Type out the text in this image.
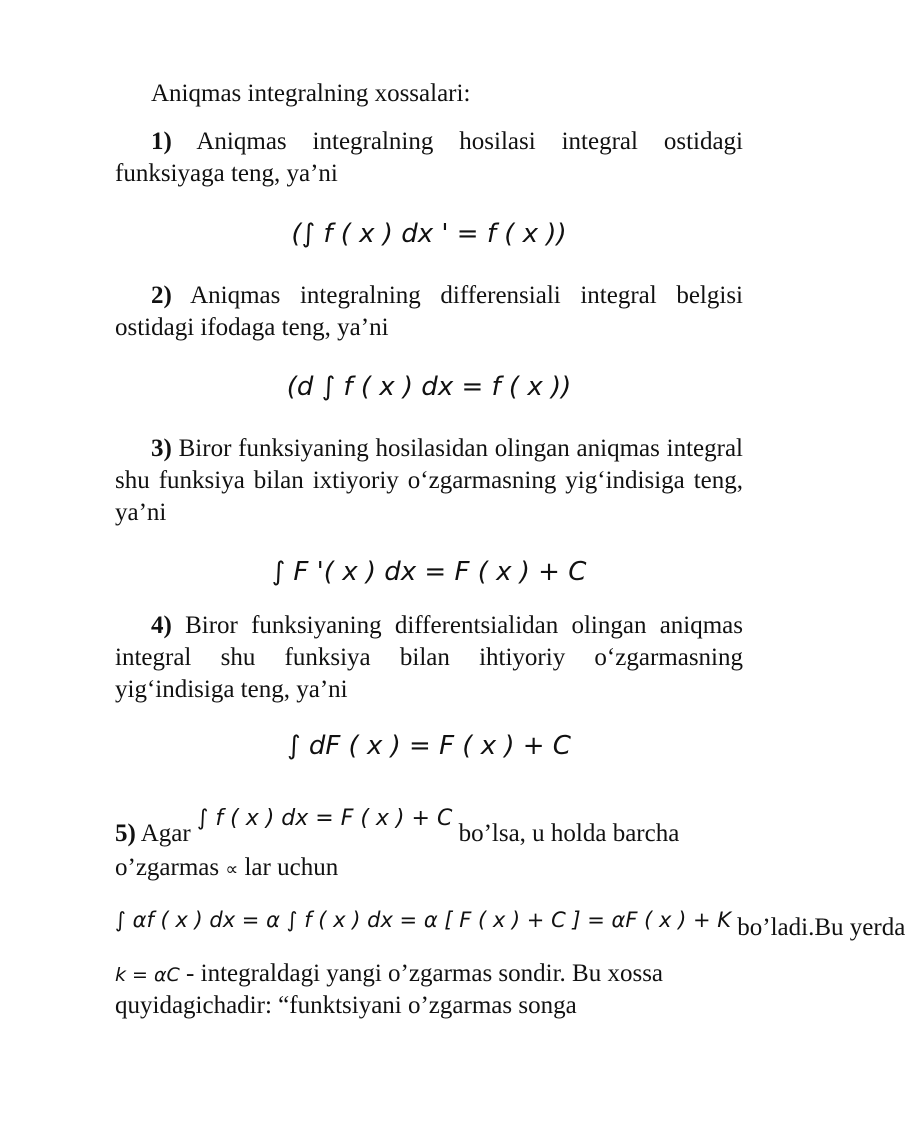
Aniqmas integralning xossalari:
1) Aniqmas integralning hosilasi integral ostidagi funksiyaga teng, ya’ni
(∫ f ( x ) dx ' = f ( x ))
2) Aniqmas integralning differensiali integral belgisi ostidagi ifodaga teng, ya’ni
(d ∫ f ( x ) dx = f ( x ))
3) Biror funksiyaning hosilasidan olingan aniqmas integral shu funksiya bilan ixtiyoriy o‘zgarmasning yig‘indisiga teng, ya’ni
∫ F '( x ) dx = F ( x ) + C
4) Biror funksiyaning differentsialidan olingan aniqmas integral shu funksiya bilan ihtiyoriy o‘zgarmasning yig‘indisiga teng, ya’ni
∫ dF ( x ) = F ( x ) + C
5) Agar ∫ f ( x ) dx = F ( x ) + C bo’lsa, u holda barcha
o’zgarmas ∝ lar uchun
$^{\int \alpha f ( x ) dx = \alpha \int f ( x ) dx = \alpha [ F ( x ) + C ] = \alpha F ( x ) + K}$ bo’ladi.Bu yerda
k = αC - integraldagi yangi o’zgarmas sondir. Bu xossa
quyidagichadir: “funktsiyani o’zgarmas songa
